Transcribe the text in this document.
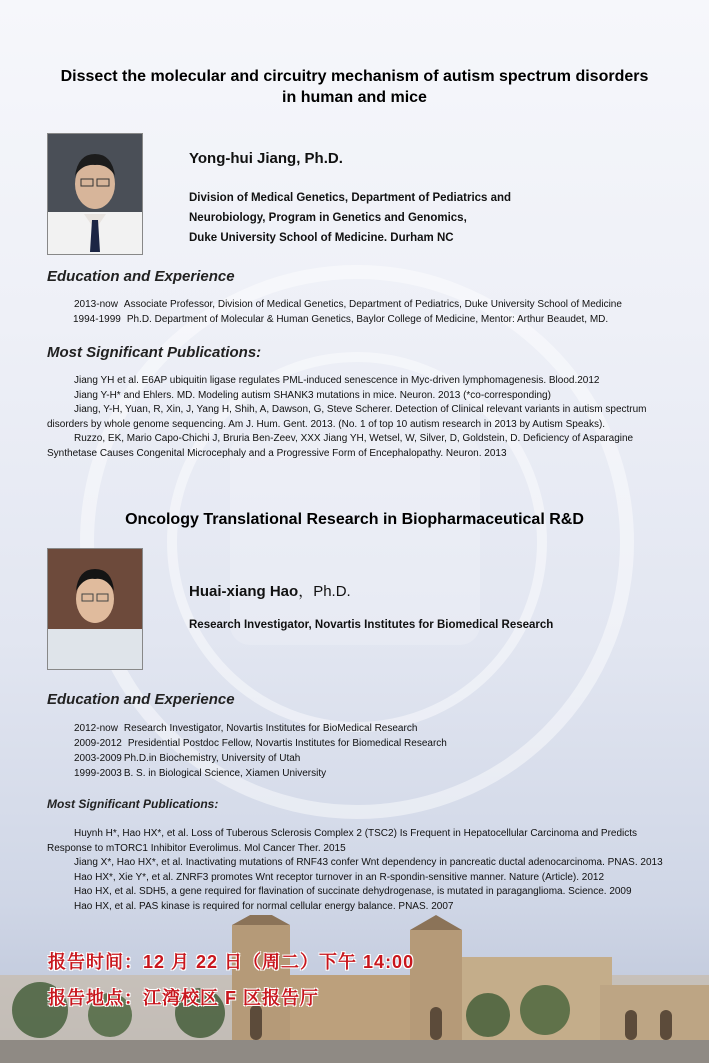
Dissect the molecular and circuitry mechanism of autism spectrum disorders
in human and mice
Yong-hui Jiang, Ph.D.
Division of Medical Genetics, Department of Pediatrics and
Neurobiology, Program in Genetics and Genomics,
Duke University School of Medicine. Durham NC
Education and Experience
2013-now Associate Professor, Division of Medical Genetics, Department of Pediatrics, Duke University School of Medicine
1994-1999 Ph.D. Department of Molecular & Human Genetics, Baylor College of Medicine, Mentor: Arthur Beaudet, MD.
Most Significant Publications:

Jiang YH et al. E6AP ubiquitin ligase regulates PML-induced senescence in Myc-driven lymphomagenesis. Blood.2012

Jiang Y-H* and Ehlers. MD. Modeling autism SHANK3 mutations in mice. Neuron. 2013 (*co-corresponding)

Jiang, Y-H, Yuan, R, Xin, J, Yang H, Shih, A, Dawson, G, Steve Scherer. Detection of Clinical relevant variants in autism spectrum disorders by whole genome sequencing. Am J. Hum. Gent. 2013. (No. 1 of top 10 autism research in 2013 by Autism Speaks).

Ruzzo, EK, Mario Capo-Chichi J, Bruria Ben-Zeev, XXX Jiang YH, Wetsel, W, Silver, D, Goldstein, D. Deficiency of Asparagine Synthetase Causes Congenital Microcephaly and a Progressive Form of Encephalopathy. Neuron. 2013

Oncology Translational Research in Biopharmaceutical R&D
Huai-xiang Hao，Ph.D.
Research Investigator, Novartis Institutes for Biomedical Research
Education and Experience
2012-now Research Investigator, Novartis Institutes for BioMedical Research
2009-2012 Presidential Postdoc Fellow, Novartis Institutes for Biomedical Research
2003-2009 Ph.D.in Biochemistry, University of Utah
1999-2003 B. S. in Biological Science, Xiamen University
Most Significant Publications:

Huynh H*, Hao HX*, et al. Loss of Tuberous Sclerosis Complex 2 (TSC2) Is Frequent in Hepatocellular Carcinoma and Predicts Response to mTORC1 Inhibitor Everolimus. Mol Cancer Ther. 2015

Jiang X*, Hao HX*, et al. Inactivating mutations of RNF43 confer Wnt dependency in pancreatic ductal adenocarcinoma. PNAS. 2013

Hao HX*, Xie Y*, et al. ZNRF3 promotes Wnt receptor turnover in an R-spondin-sensitive manner. Nature (Article). 2012

Hao HX, et al. SDH5, a gene required for flavination of succinate dehydrogenase, is mutated in paraganglioma. Science. 2009

Hao HX, et al. PAS kinase is required for normal cellular energy balance. PNAS. 2007

报告时间：12 月 22 日（周二）下午 14:00
报告地点：江湾校区 F 区报告厅
